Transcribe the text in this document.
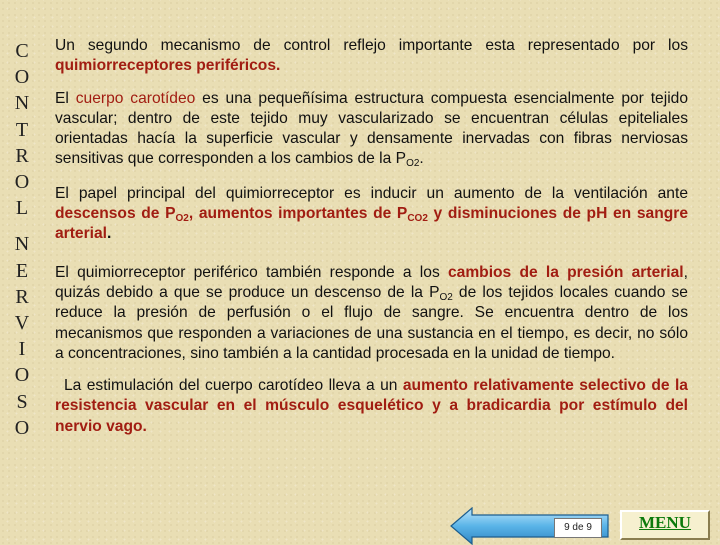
C
O
N
T
R
O
L
N
E
R
V
I
O
S
O

Un segundo mecanismo de control reflejo importante esta representado por los quimiorreceptores periféricos.

El cuerpo carotídeo es una pequeñísima estructura compuesta esencialmente por tejido vascular; dentro de este tejido muy vascularizado se encuentran células epiteliales orientadas hacía la superficie vascular y densamente inervadas con fibras nerviosas sensitivas que corresponden a los cambios de la $P_{O2}$.

El papel principal del quimiorreceptor es inducir un aumento de la ventilación ante descensos de $P_{O2}$, aumentos importantes de $P_{CO2}$ y disminuciones de pH en sangre arterial.

El quimiorreceptor periférico también responde a los cambios de la presión arterial, quizás debido a que se produce un descenso de la $P_{O2}$ de los tejidos locales cuando se reduce la presión de perfusión o el flujo de sangre. Se encuentra dentro de los mecanismos que responden a variaciones de una sustancia en el tiempo, es decir, no sólo a concentraciones, sino también a la cantidad procesada en la unidad de tiempo.

La estimulación del cuerpo carotídeo lleva a un aumento relativamente selectivo de la resistencia vascular en el músculo esquelético y a bradicardia por estímulo del nervio vago.

9 de 9	MENU
